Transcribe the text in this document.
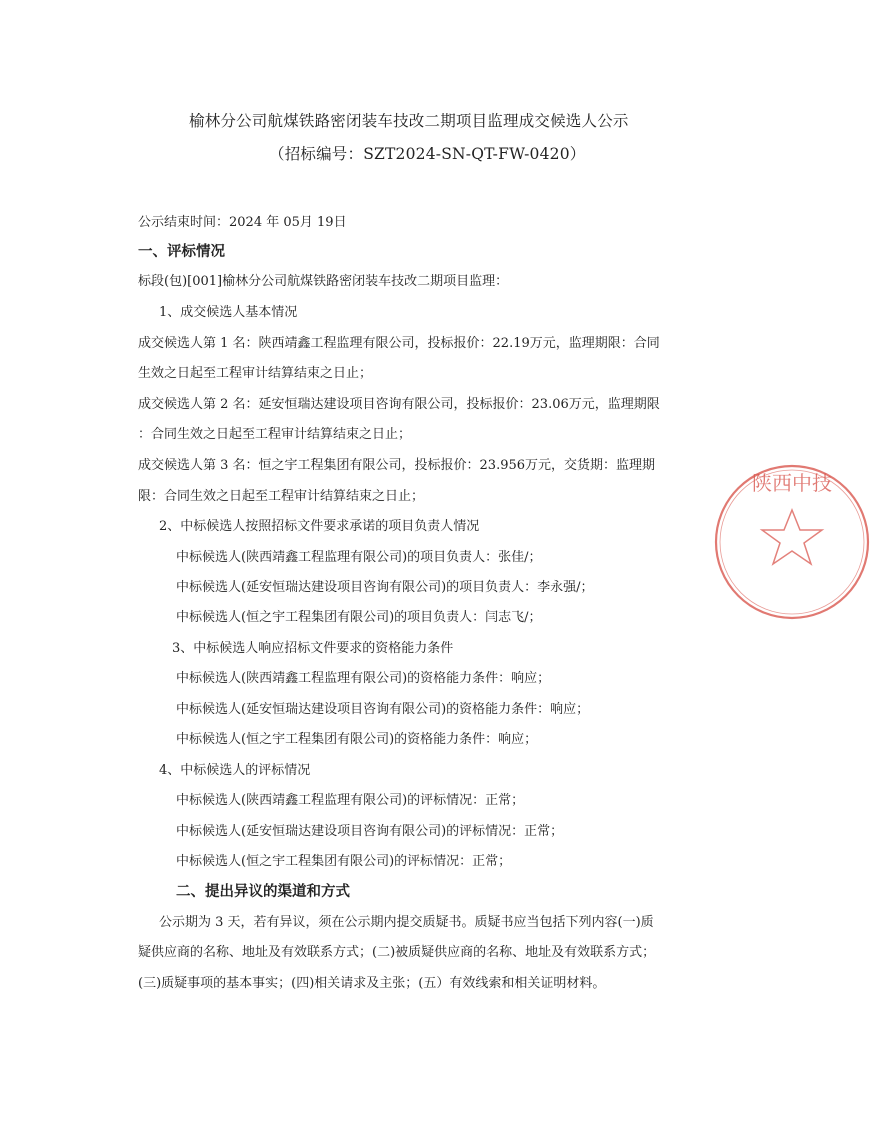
榆林分公司航煤铁路密闭装车技改二期项目监理成交候选人公示
（招标编号：SZT2024-SN-QT-FW-0420）
公示结束时间：2024 年 05月 19日
一、评标情况
标段(包)[001]榆林分公司航煤铁路密闭装车技改二期项目监理：
1、成交候选人基本情况
成交候选人第 1 名：陕西靖鑫工程监理有限公司，投标报价：22.19万元，监理期限：合同
生效之日起至工程审计结算结束之日止；
成交候选人第 2 名：延安恒瑞达建设项目咨询有限公司，投标报价：23.06万元，监理期限
：合同生效之日起至工程审计结算结束之日止；
成交候选人第 3 名：恒之宇工程集团有限公司，投标报价：23.956万元，交货期：监理期
限：合同生效之日起至工程审计结算结束之日止；
2、中标候选人按照招标文件要求承诺的项目负责人情况
中标候选人(陕西靖鑫工程监理有限公司)的项目负责人：张佳/；
中标候选人(延安恒瑞达建设项目咨询有限公司)的项目负责人：李永强/；
中标候选人(恒之宇工程集团有限公司)的项目负责人：闫志飞/；
3、中标候选人响应招标文件要求的资格能力条件
中标候选人(陕西靖鑫工程监理有限公司)的资格能力条件：响应；
中标候选人(延安恒瑞达建设项目咨询有限公司)的资格能力条件：响应；
中标候选人(恒之宇工程集团有限公司)的资格能力条件：响应；
4、中标候选人的评标情况
中标候选人(陕西靖鑫工程监理有限公司)的评标情况：正常；
中标候选人(延安恒瑞达建设项目咨询有限公司)的评标情况：正常；
中标候选人(恒之宇工程集团有限公司)的评标情况：正常；
二、提出异议的渠道和方式
公示期为 3 天，若有异议，须在公示期内提交质疑书。质疑书应当包括下列内容(一)质
疑供应商的名称、地址及有效联系方式；(二)被质疑供应商的名称、地址及有效联系方式；
(三)质疑事项的基本事实；(四)相关请求及主张；(五）有效线索和相关证明材料。
陕西中技
